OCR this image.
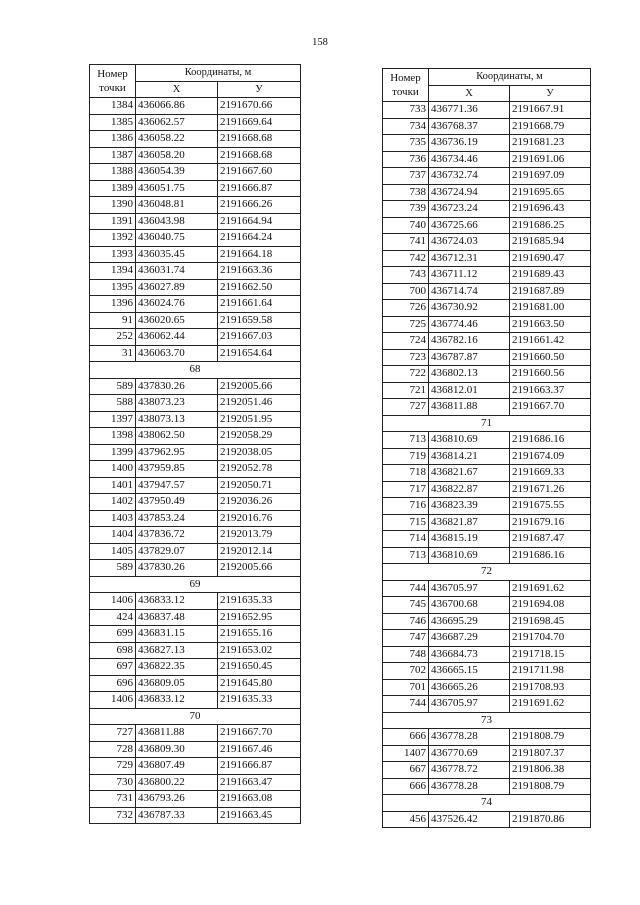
158
Номер
точки	Координаты, м	
	X	У
1384	436066.86	2191670.66
1385	436062.57	2191669.64
1386	436058.22	2191668.68
1387	436058.20	2191668.68
1388	436054.39	2191667.60
1389	436051.75	2191666.87
1390	436048.81	2191666.26
1391	436043.98	2191664.94
1392	436040.75	2191664.24
1393	436035.45	2191664.18
1394	436031.74	2191663.36
1395	436027.89	2191662.50
1396	436024.76	2191661.64
91	436020.65	2191659.58
252	436062.44	2191667.03
31	436063.70	2191654.64
68		
589	437830.26	2192005.66
588	438073.23	2192051.46
1397	438073.13	2192051.95
1398	438062.50	2192058.29
1399	437962.95	2192038.05
1400	437959.85	2192052.78
1401	437947.57	2192050.71
1402	437950.49	2192036.26
1403	437853.24	2192016.76
1404	437836.72	2192013.79
1405	437829.07	2192012.14
589	437830.26	2192005.66
69		
1406	436833.12	2191635.33
424	436837.48	2191652.95
699	436831.15	2191655.16
698	436827.13	2191653.02
697	436822.35	2191650.45
696	436809.05	2191645.80
1406	436833.12	2191635.33
70		
727	436811.88	2191667.70
728	436809.30	2191667.46
729	436807.49	2191666.87
730	436800.22	2191663.47
731	436793.26	2191663.08
732	436787.33	2191663.45
Номер
точки	Координаты, м	
	X	У
733	436771.36	2191667.91
734	436768.37	2191668.79
735	436736.19	2191681.23
736	436734.46	2191691.06
737	436732.74	2191697.09
738	436724.94	2191695.65
739	436723.24	2191696.43
740	436725.66	2191686.25
741	436724.03	2191685.94
742	436712.31	2191690.47
743	436711.12	2191689.43
700	436714.74	2191687.89
726	436730.92	2191681.00
725	436774.46	2191663.50
724	436782.16	2191661.42
723	436787.87	2191660.50
722	436802.13	2191660.56
721	436812.01	2191663.37
727	436811.88	2191667.70
71		
713	436810.69	2191686.16
719	436814.21	2191674.09
718	436821.67	2191669.33
717	436822.87	2191671.26
716	436823.39	2191675.55
715	436821.87	2191679.16
714	436815.19	2191687.47
713	436810.69	2191686.16
72		
744	436705.97	2191691.62
745	436700.68	2191694.08
746	436695.29	2191698.45
747	436687.29	2191704.70
748	436684.73	2191718.15
702	436665.15	2191711.98
701	436665.26	2191708.93
744	436705.97	2191691.62
73		
666	436778.28	2191808.79
1407	436770.69	2191807.37
667	436778.72	2191806.38
666	436778.28	2191808.79
74		
456	437526.42	2191870.86
